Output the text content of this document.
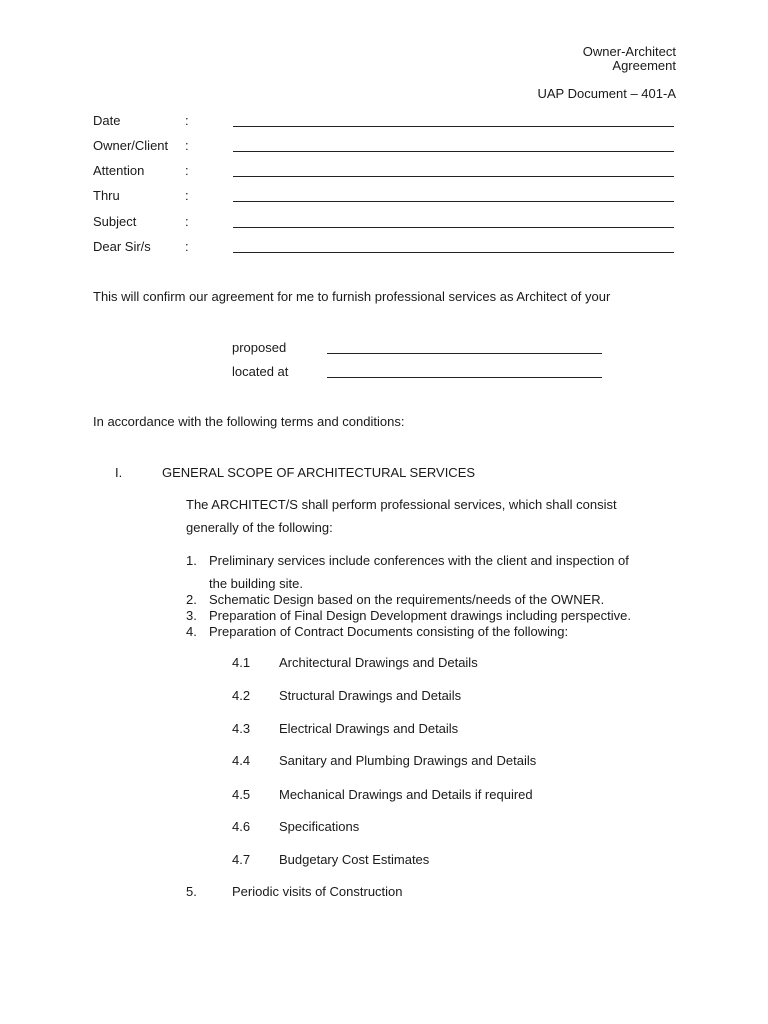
Owner-Architect
Agreement
UAP Document – 401-A
Date	:
Owner/Client :
Attention	:
Thru	:
Subject	:
Dear Sir/s	:
This will confirm our agreement for me to furnish professional services as Architect of your
proposed
located at
In accordance with the following terms and conditions:
I.	GENERAL SCOPE OF ARCHITECTURAL SERVICES
The ARCHITECT/S shall perform professional services, which shall consist
generally of the following:
1. Preliminary services include conferences with the client and inspection of
the building site.
2. Schematic Design based on the requirements/needs of the OWNER.
3. Preparation of Final Design Development drawings including perspective.
4. Preparation of Contract Documents consisting of the following:
4.1 Architectural Drawings and Details
4.2 Structural Drawings and Details
4.3 Electrical Drawings and Details
4.4 Sanitary and Plumbing Drawings and Details
4.5 Mechanical Drawings and Details if required
4.6 Specifications
4.7 Budgetary Cost Estimates
5.	Periodic visits of Construction
